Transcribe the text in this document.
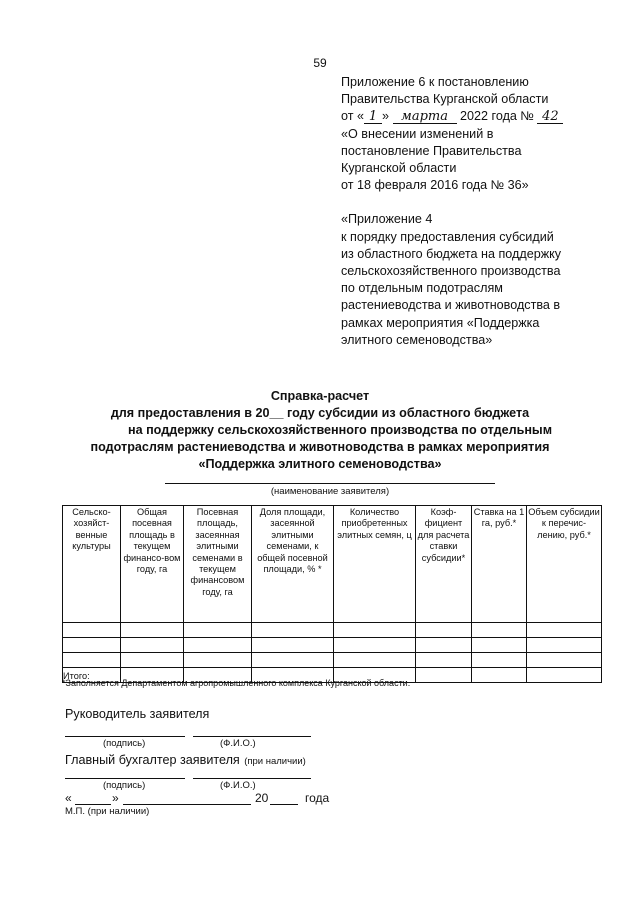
59
Приложение 6 к постановлению
Правительства Курганской области
от « 1 » марта 2022 года № 42
«О внесении изменений в
постановление Правительства
Курганской области
от 18 февраля 2016 года № 36»
«Приложение 4
к порядку предоставления субсидий
из областного бюджета на поддержку
сельскохозяйственного производства
по отдельным подотраслям
растениеводства и животноводства в
рамках мероприятия «Поддержка
элитного семеноводства»
Справка-расчет
для предоставления в 20__ году субсидии из областного бюджета
на поддержку сельскохозяйственного производства по отдельным
подотраслям растениеводства и животноводства в рамках мероприятия
«Поддержка элитного семеноводства»
(наименование заявителя)
Сельско-хозяйст-венные культуры	Общая посевная площадь в текущем финансо-вом году, га	Посевная площадь, засеянная элитными семенами в текущем финансовом году, га	Доля площади, засеянной элитными семенами, к общей посевной площади, % *	Количество приобретенных элитных семян, ц	Коэф-фициент для расчета ставки субсидии*	Ставка на 1 га, руб.*	Объем субсидии к перечис-лению, руб.*

Итого:							
*Заполняется Департаментом агропромышленного комплекса Курганской области.
Руководитель заявителя
(подпись)	(Ф.И.О.)
Главный бухгалтер заявителя (при наличии)
(подпись)	(Ф.И.О.)
«	»	20	года
М.П. (при наличии)
